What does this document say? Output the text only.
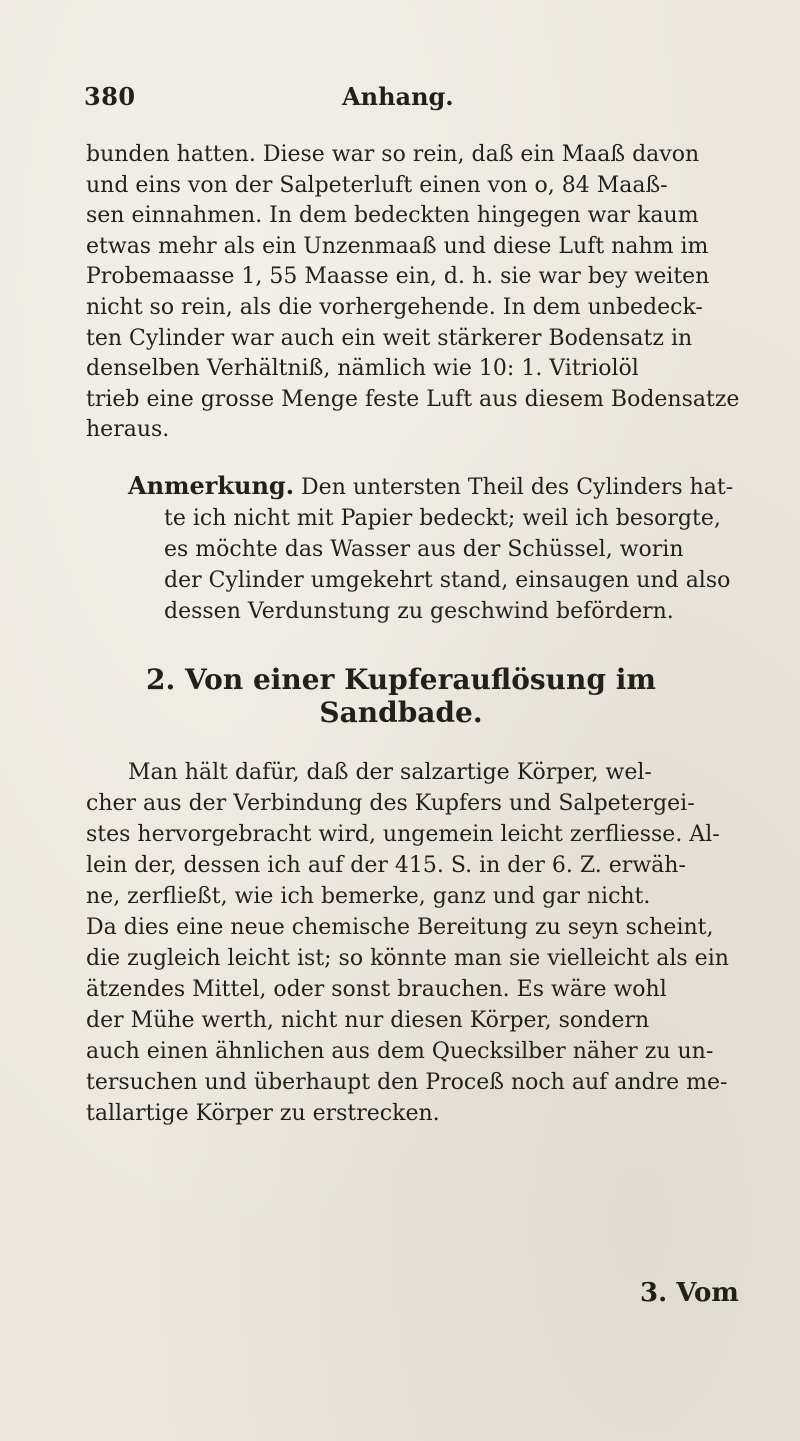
380	Anhang.

bunden hatten. Diese war so rein, daß ein Maaß davon
und eins von der Salpeterluft einen von o, 84 Maaß-
sen einnahmen. In dem bedeckten hingegen war kaum
etwas mehr als ein Unzenmaaß und diese Luft nahm im
Probemaasse 1, 55 Maasse ein, d. h. sie war bey weiten
nicht so rein, als die vorhergehende. In dem unbedeck-
ten Cylinder war auch ein weit stärkerer Bodensatz in
denselben Verhältniß, nämlich wie 10: 1. Vitriolöl
trieb eine grosse Menge feste Luft aus diesem Bodensatze
heraus.

Anmerkung. Den untersten Theil des Cylinders hat-
te ich nicht mit Papier bedeckt; weil ich besorgte,
es möchte das Wasser aus der Schüssel, worin
der Cylinder umgekehrt stand, einsaugen und also
dessen Verdunstung zu geschwind befördern.
2. Von einer Kupferauflösung im Sandbade.
Man hält dafür, daß der salzartige Körper, wel-
cher aus der Verbindung des Kupfers und Salpetergei-
stes hervorgebracht wird, ungemein leicht zerfliesse. Al-
lein der, dessen ich auf der 415. S. in der 6. Z. erwäh-
ne, zerfließt, wie ich bemerke, ganz und gar nicht.
Da dies eine neue chemische Bereitung zu seyn scheint,
die zugleich leicht ist; so könnte man sie vielleicht als ein
ätzendes Mittel, oder sonst brauchen. Es wäre wohl
der Mühe werth, nicht nur diesen Körper, sondern
auch einen ähnlichen aus dem Quecksilber näher zu un-
tersuchen und überhaupt den Proceß noch auf andre me-
tallartige Körper zu erstrecken.
3. Vom
